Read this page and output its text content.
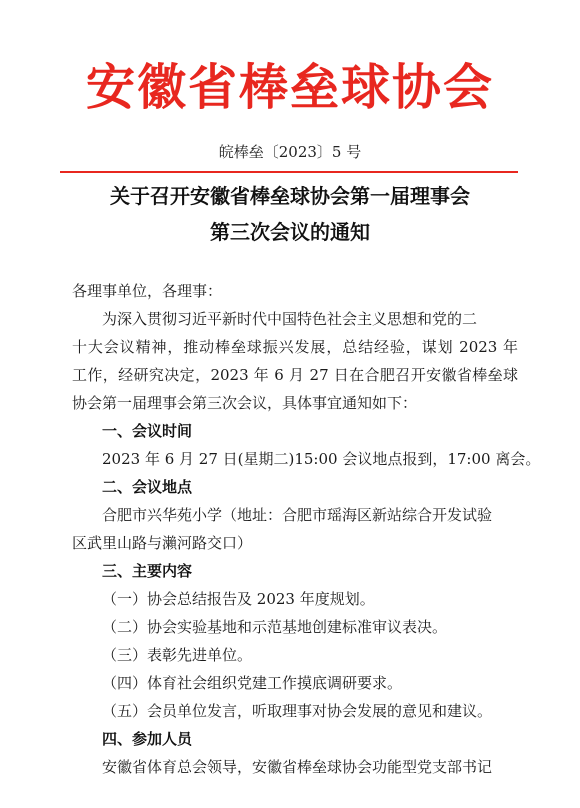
安徽省棒垒球协会
皖棒垒〔2023〕5 号
关于召开安徽省棒垒球协会第一届理事会
第三次会议的通知
各理事单位，各理事：
为深入贯彻习近平新时代中国特色社会主义思想和党的二
十大会议精神，推动棒垒球振兴发展，总结经验，谋划 2023 年
工作，经研究决定，2023 年 6 月 27 日在合肥召开安徽省棒垒球
协会第一届理事会第三次会议，具体事宜通知如下：
一、会议时间
2023 年 6 月 27 日(星期二)15:00 会议地点报到，17:00 离会。
二、会议地点
合肥市兴华苑小学（地址：合肥市瑶海区新站综合开发试验
区武里山路与瀨河路交口）
三、主要内容
（一）协会总结报告及 2023 年度规划。
（二）协会实验基地和示范基地创建标准审议表决。
（三）表彰先进单位。
（四）体育社会组织党建工作摸底调研要求。
（五）会员单位发言，听取理事对协会发展的意见和建议。
四、参加人员
安徽省体育总会领导，安徽省棒垒球协会功能型党支部书记
